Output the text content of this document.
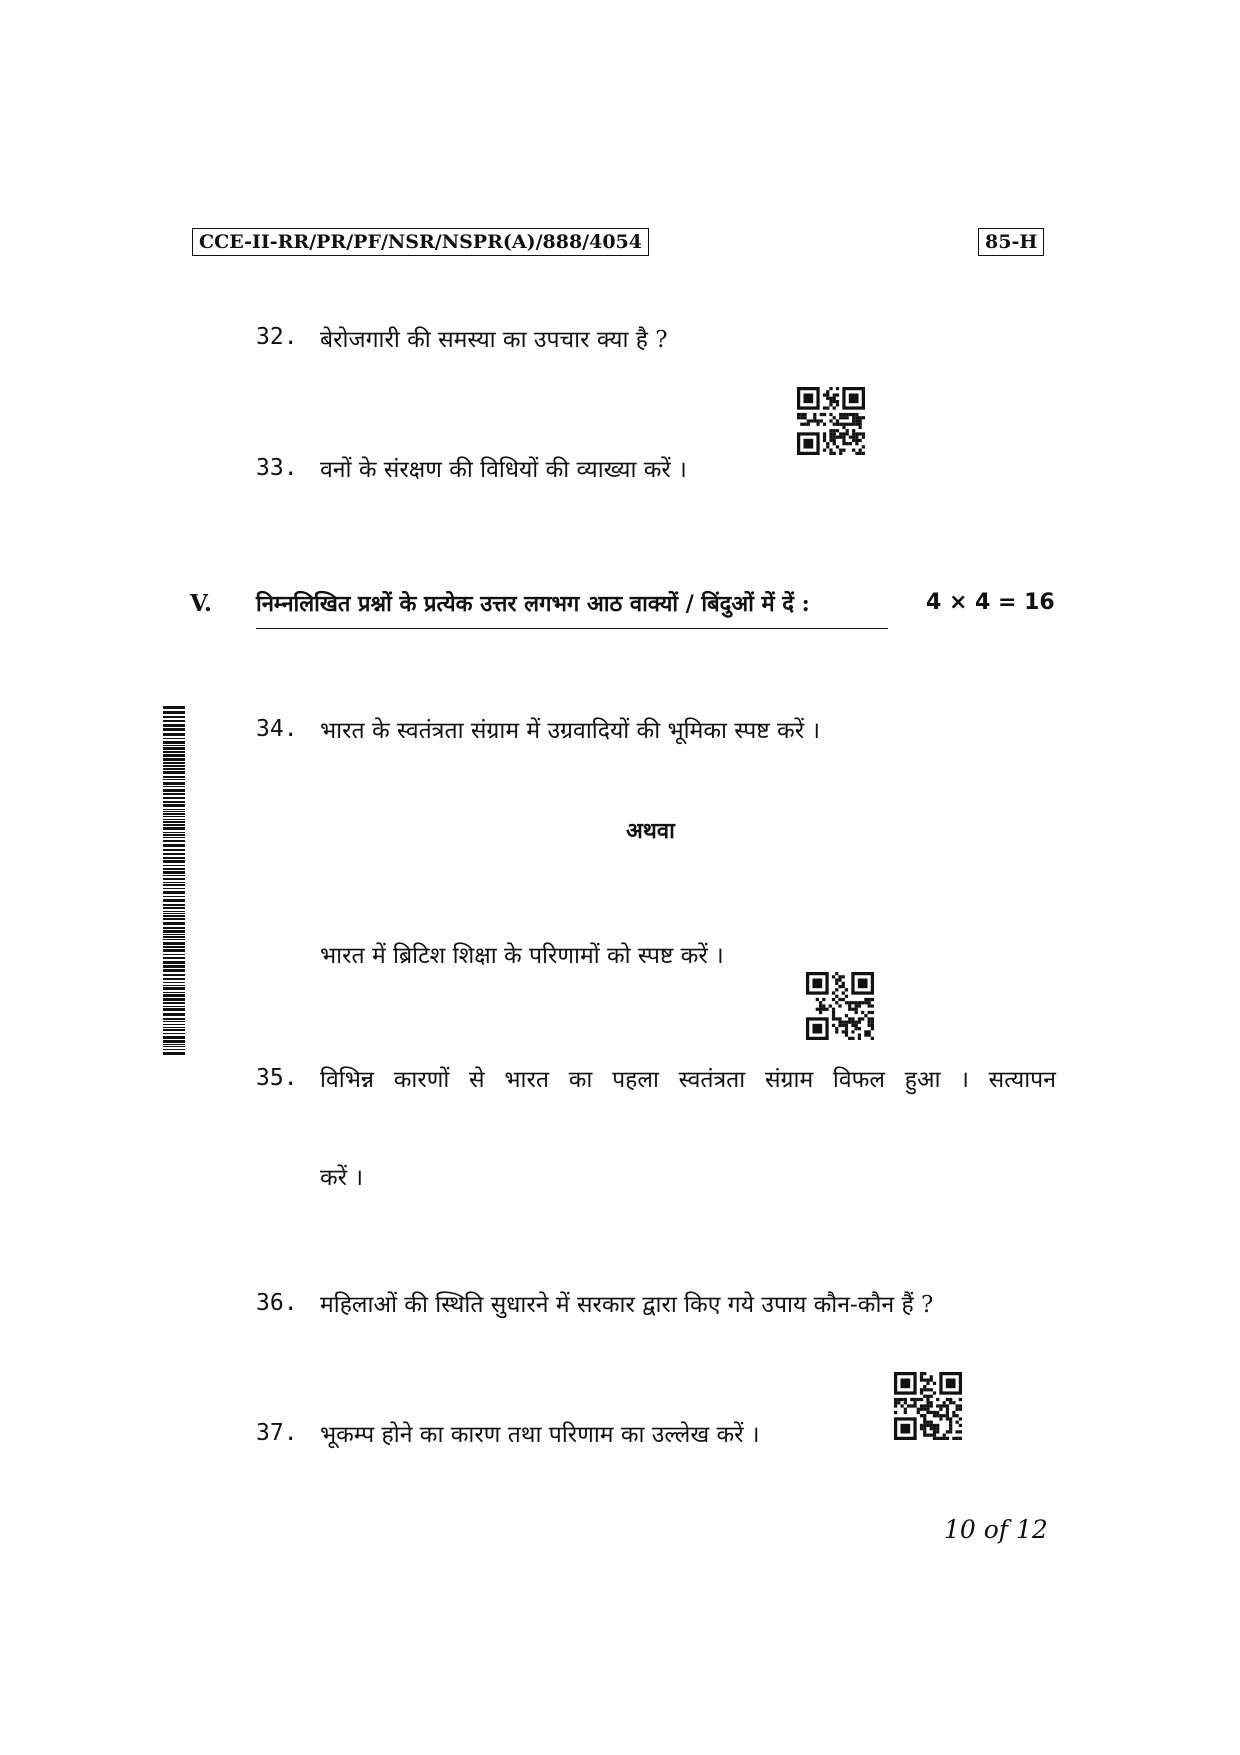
CCE-II-RR/PR/PF/NSR/NSPR(A)/888/4054	85-H
32. बेरोजगारी की समस्या का उपचार क्या है ?
33. वनों के संरक्षण की विधियों की व्याख्या करें ।
V. निम्नलिखित प्रश्नों के प्रत्येक उत्तर लगभग आठ वाक्यों / बिंदुओं में दें :	4 × 4 = 16
34. भारत के स्वतंत्रता संग्राम में उग्रवादियों की भूमिका स्पष्ट करें ।
अथवा
भारत में ब्रिटिश शिक्षा के परिणामों को स्पष्ट करें ।
35. विभिन्न कारणों से भारत का पहला स्वतंत्रता संग्राम विफल हुआ । सत्यापन
करें ।
36. महिलाओं की स्थिति सुधारने में सरकार द्वारा किए गये उपाय कौन-कौन हैं ?
37. भूकम्प होने का कारण तथा परिणाम का उल्लेख करें ।
10 of 12
